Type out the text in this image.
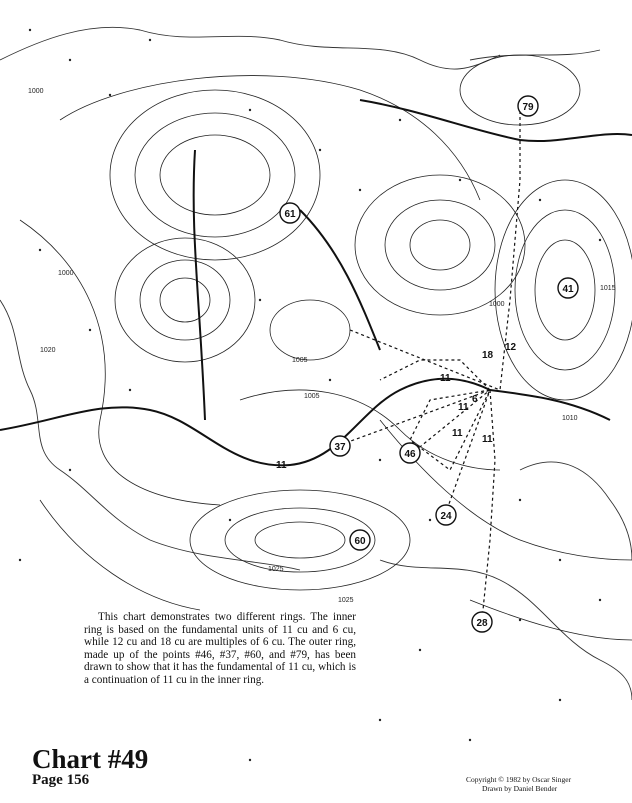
1000
1005
1005
1025
1025
1020
1000
1010
1015
1000
79
46
37
24
60
28
41
61
11
11
11
11
11
6
12
18
This chart demonstrates two different rings. The inner ring is based on the fundamental units of 11 cu and 6 cu, while 12 cu and 18 cu are multiples of 6 cu. The outer ring, made up of the points #46, #37, #60, and #79, has been drawn to show that it has the fundamental of 11 cu, which is a continuation of 11 cu in the inner ring.
Chart #49
Page 156	Copyright © 1982 by Oscar Singer
Drawn by Daniel Bender
